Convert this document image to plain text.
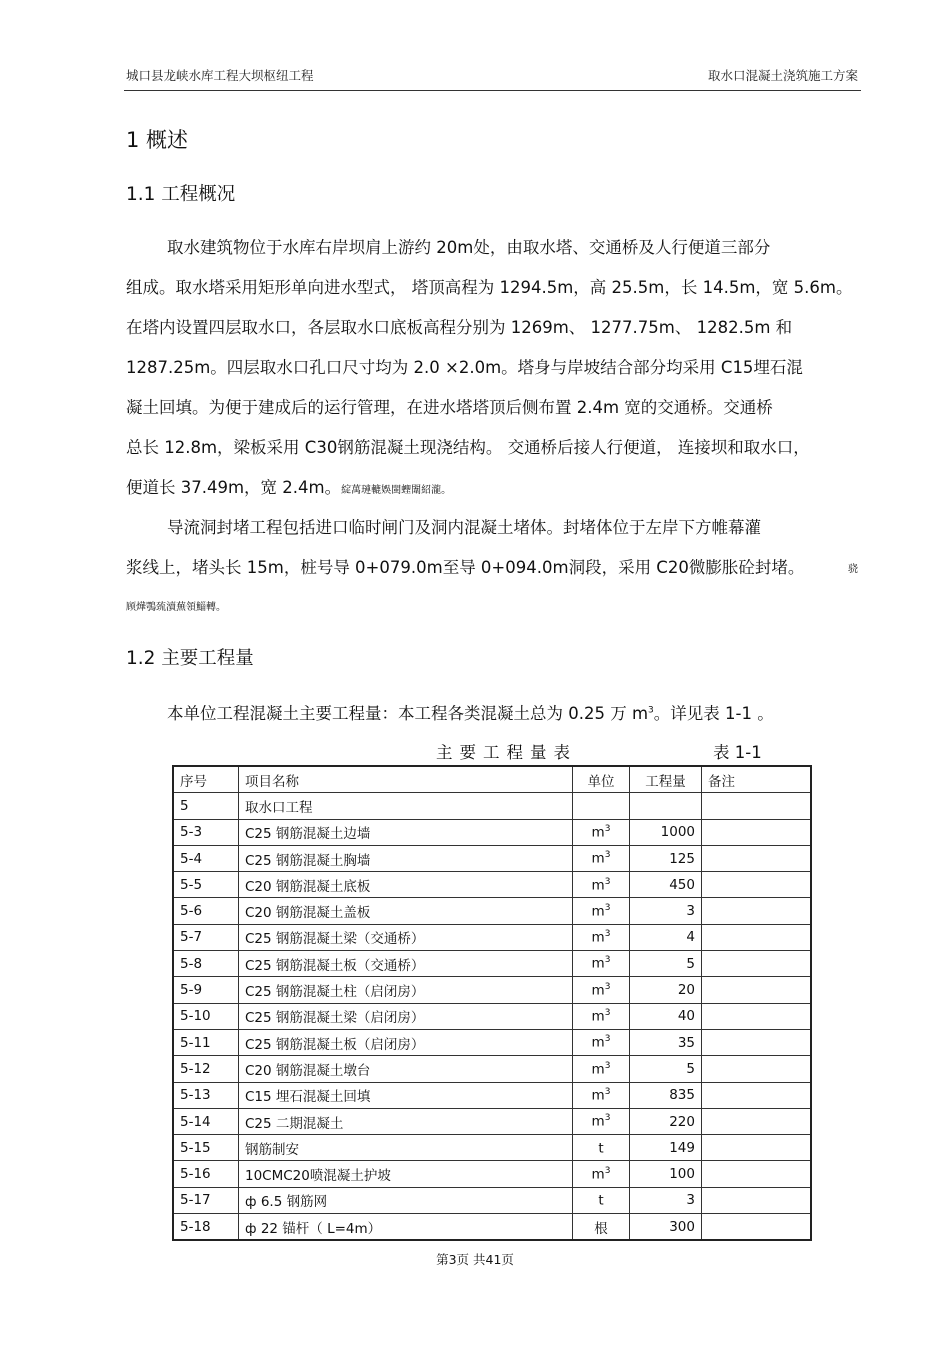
城口县龙峡水库工程大坝枢纽工程	取水口混凝土浇筑施工方案
1 概述
1.1 工程概况
取水建筑物位于水库右岸坝肩上游约 20m处，由取水塔、交通桥及人行便道三部分
组成。取水塔采用矩形单向进水型式， 塔顶高程为 1294.5m，高 25.5m，长 14.5m，宽 5.6m。
在塔内设置四层取水口，各层取水口底板高程分别为 1269m、 1277.75m、 1282.5m 和
1287.25m。四层取水口孔口尺寸均为 2.0 ×2.0m。塔身与岸坡结合部分均采用 C15埋石混
凝土回填。为便于建成后的运行管理，在进水塔塔顶后侧布置 2.4m 宽的交通桥。交通桥
总长 12.8m，梁板采用 C30钢筋混凝土现浇结构。 交通桥后接人行便道， 连接坝和取水口，
便道长 37.49m，宽 2.4m。綻萬璉轆娛閩蟶闈紹瀧。
导流洞封堵工程包括进口临时闸门及洞内混凝土堵体。封堵体位于左岸下方帷幕灌
浆线上，堵头长 15m，桩号导 0+079.0m至导 0+094.0m洞段，采用 C20微膨胀砼封堵。	骁
顾燁鶚巯瀆蕪領鯔轉。
1.2 主要工程量
本单位工程混凝土主要工程量：本工程各类混凝土总为 0.25 万 $m^3$。详见表 1-1 。
主要工程量表	表 1-1
序号	项目名称	单位	工程量	备注
5	取水口工程			
5-3	C25 钢筋混凝土边墙	$m^3$	1000	
5-4	C25 钢筋混凝土胸墙	$m^3$	125	
5-5	C20 钢筋混凝土底板	$m^3$	450	
5-6	C20 钢筋混凝土盖板	$m^3$	3	
5-7	C25 钢筋混凝土梁（交通桥）	$m^3$	4	
5-8	C25 钢筋混凝土板（交通桥）	$m^3$	5	
5-9	C25 钢筋混凝土柱（启闭房）	$m^3$	20	
5-10	C25 钢筋混凝土梁（启闭房）	$m^3$	40	
5-11	C25 钢筋混凝土板（启闭房）	$m^3$	35	
5-12	C20 钢筋混凝土墩台	$m^3$	5	
5-13	C15 埋石混凝土回填	$m^3$	835	
5-14	C25 二期混凝土	$m^3$	220	
5-15	钢筋制安	t	149	
5-16	10CMC20喷混凝土护坡	$m^3$	100	
5-17	ф 6.5 钢筋网	t	3	
5-18	ф 22 锚杆（ L=4m）	根	300	
第3页 共41页
